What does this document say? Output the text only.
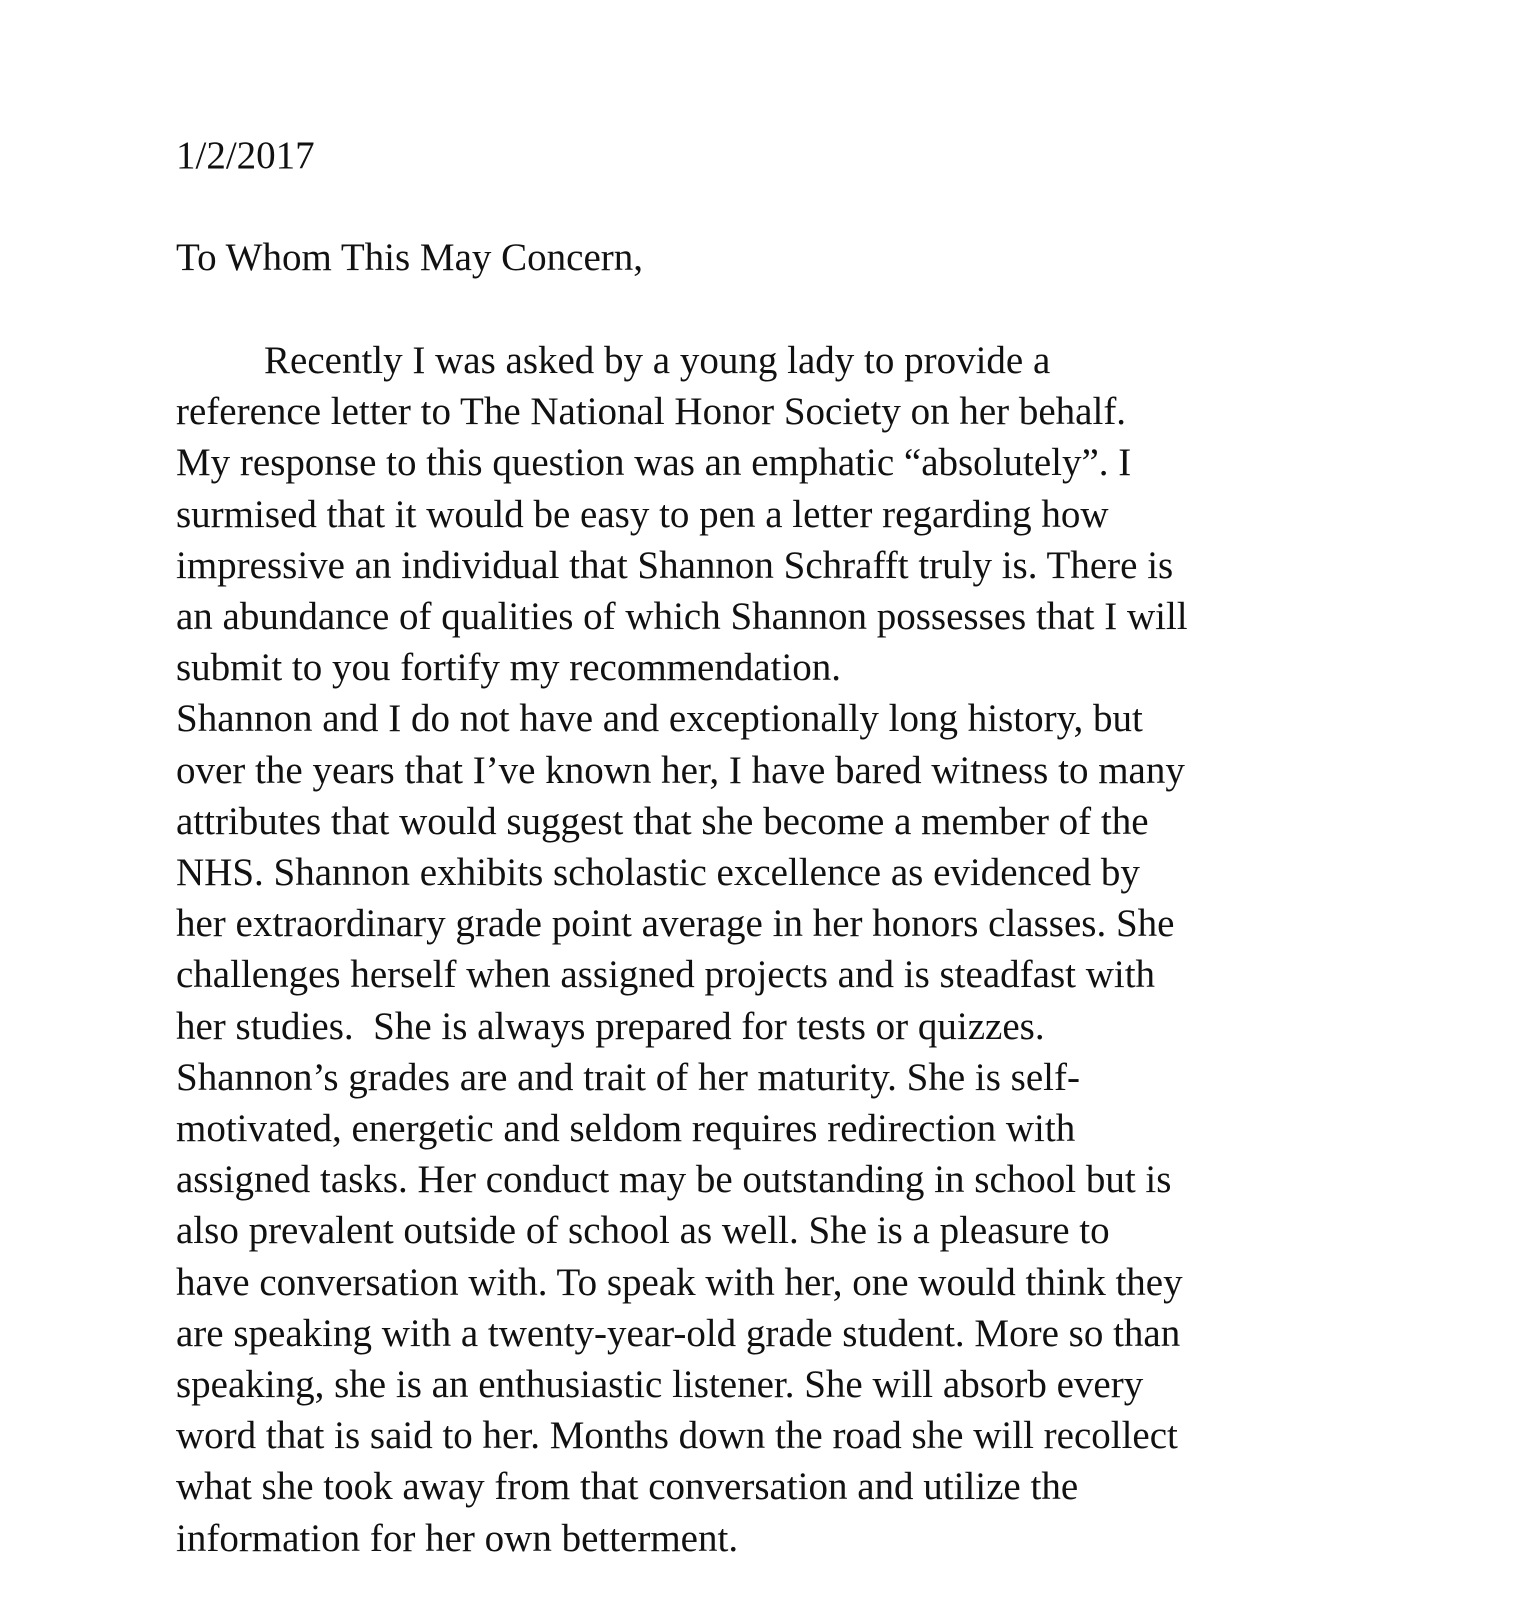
1/2/2017
To Whom This May Concern,
Recently I was asked by a young lady to provide a
reference letter to The National Honor Society on her behalf.
My response to this question was an emphatic “absolutely”. I
surmised that it would be easy to pen a letter regarding how
impressive an individual that Shannon Schrafft truly is. There is
an abundance of qualities of which Shannon possesses that I will
submit to you fortify my recommendation.
Shannon and I do not have and exceptionally long history, but
over the years that I’ve known her, I have bared witness to many
attributes that would suggest that she become a member of the
NHS. Shannon exhibits scholastic excellence as evidenced by
her extraordinary grade point average in her honors classes. She
challenges herself when assigned projects and is steadfast with
her studies.  She is always prepared for tests or quizzes.
Shannon’s grades are and trait of her maturity. She is self-
motivated, energetic and seldom requires redirection with
assigned tasks. Her conduct may be outstanding in school but is
also prevalent outside of school as well. She is a pleasure to
have conversation with. To speak with her, one would think they
are speaking with a twenty-year-old grade student. More so than
speaking, she is an enthusiastic listener. She will absorb every
word that is said to her. Months down the road she will recollect
what she took away from that conversation and utilize the
information for her own betterment.
